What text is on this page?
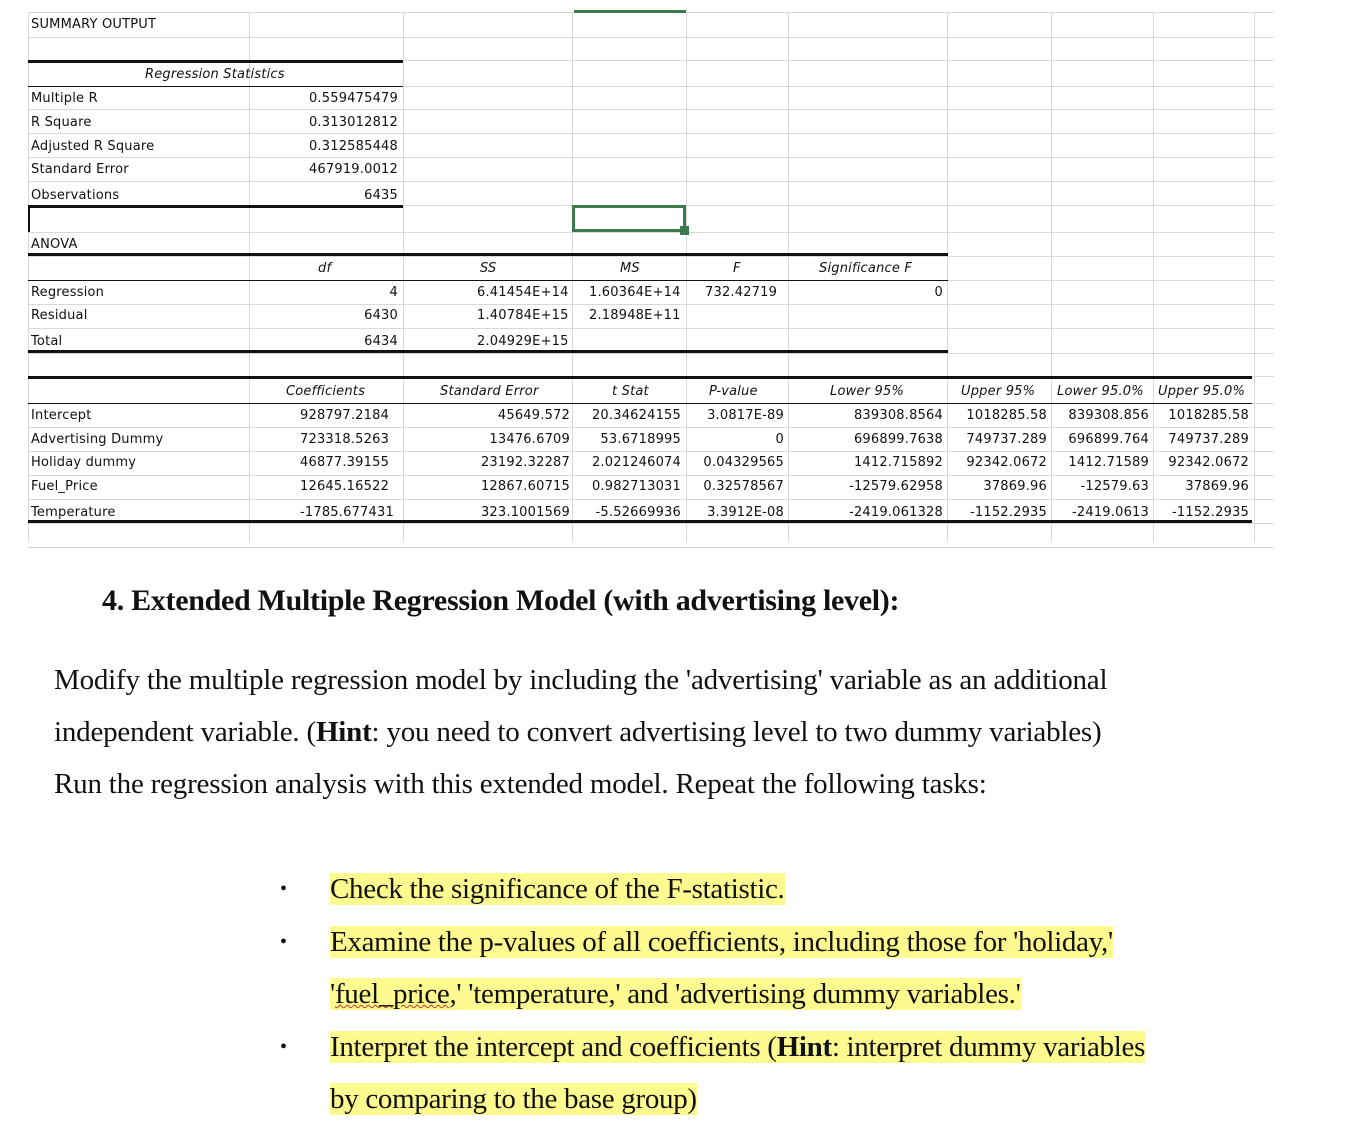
SUMMARY OUTPUT
Regression Statistics
Multiple R	0.559475479
R Square	0.313012812
Adjusted R Square	0.312585448
Standard Error	467919.0012
Observations	6435
ANOVA
df	SS	MS	F	Significance F
Regression	4	6.41454E+14 1.60364E+14 732.42719	0
Residual	6430	1.40784E+15 2.18948E+11
Total	6434	2.04929E+15
Coefficients	Standard Error	t Stat	P-value	Lower 95%	Upper 95% Lower 95.0% Upper 95.0%
Intercept	928797.2184	45649.572 20.34624155 3.0817E-89	839308.8564 1018285.58 839308.856 1018285.58
Advertising Dummy	723318.5263	13476.6709 53.6718995	0	696899.7638 749737.289 696899.764 749737.289
Holiday dummy	46877.39155	23192.32287 2.021246074 0.04329565	1412.715892 92342.0672 1412.71589 92342.0672
Fuel_Price	12645.16522	12867.60715 0.982713031 0.32578567	-12579.62958	37869.96	-12579.63	37869.96
Temperature	-1785.677431	323.1001569 -5.52669936 3.3912E-08	-2419.061328 -1152.2935 -2419.0613 -1152.2935
4. Extended Multiple Regression Model (with advertising level):
Modify the multiple regression model by including the 'advertising' variable as an additional
independent variable. (Hint: you need to convert advertising level to two dummy variables)
Run the regression analysis with this extended model. Repeat the following tasks:
•	Check the significance of the F-statistic.
•	Examine the p-values of all coefficients, including those for 'holiday,'
'fuel_price,' 'temperature,' and 'advertising dummy variables.'
•	Interpret the intercept and coefficients (Hint: interpret dummy variables
by comparing to the base group)
